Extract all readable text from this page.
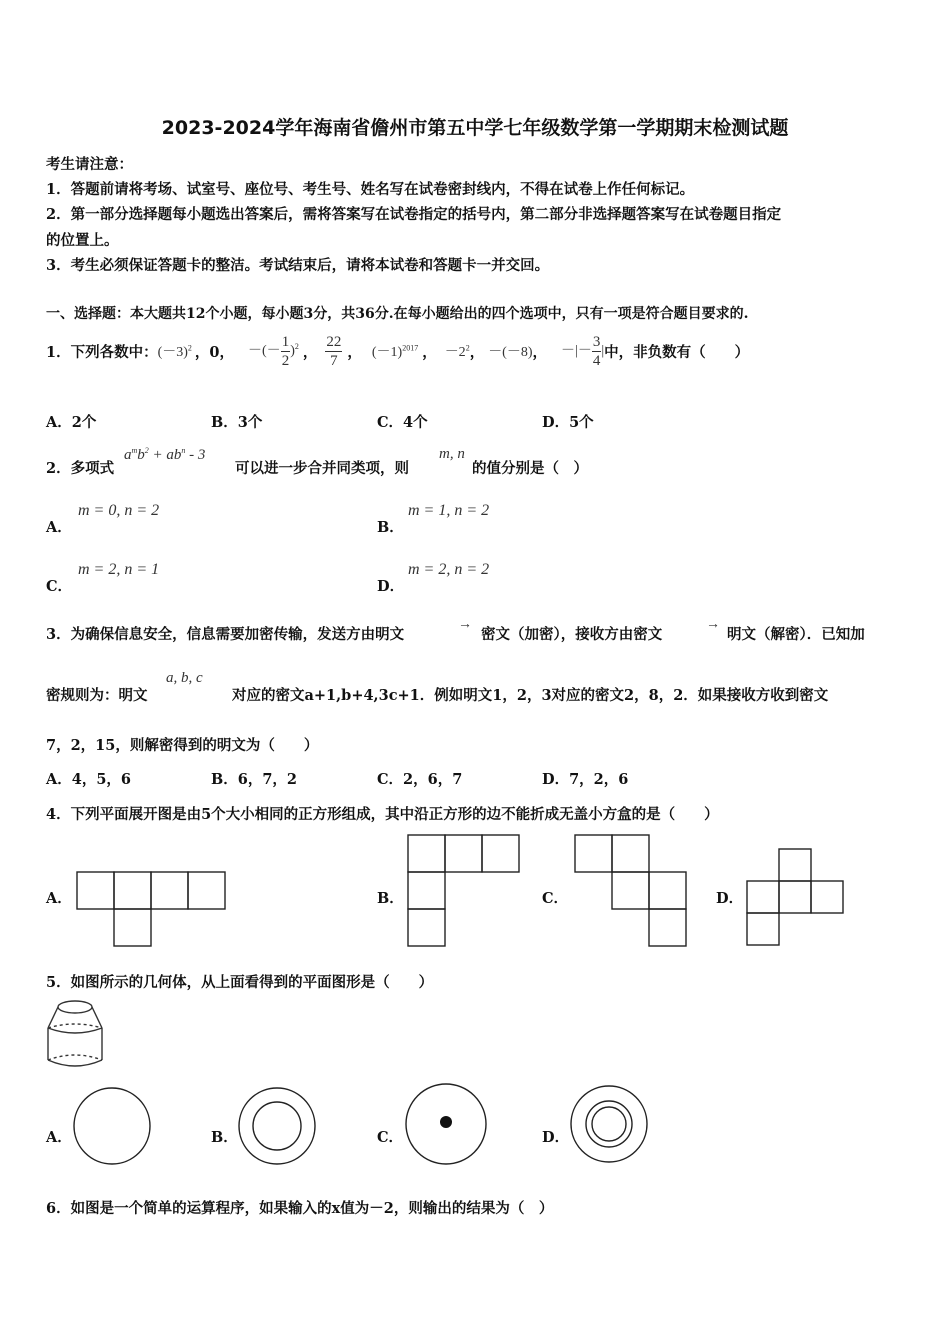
2023-2024学年海南省儋州市第五中学七年级数学第一学期期末检测试题
考生请注意：
1．答题前请将考场、试室号、座位号、考生号、姓名写在试卷密封线内，不得在试卷上作任何标记。
2．第一部分选择题每小题选出答案后，需将答案写在试卷指定的括号内，第二部分非选择题答案写在试卷题目指定
的位置上。
3．考生必须保证答题卡的整洁。考试结束后，请将本试卷和答题卡一并交回。
一、选择题：本大题共12个小题，每小题3分，共36分.在每小题给出的四个选项中，只有一项是符合题目要求的.
1．下列各数中： $(-3)^2$ ，0， －(－ $\frac{1}{2} )^2$ ， $\frac{22}{7}$ ， $(-1)^{2017}$ ， $-2^2$ ， －(－8) ， －|－ $\frac{3}{4}$ | 中，非负数有（　　）
A．2个	B．3个	C．4个	D．5个
2．多项式
$a^mb^2 + ab^n - 3$
可以进一步合并同类项，则
m, n
的值分别是（　）
A．
m = 0, n = 2
B．
m = 1, n = 2
C．
m = 2, n = 1
D．
m = 2, n = 2
3．为确保信息安全，信息需要加密传输，发送方由明文
→
密文（加密），接收方由密文
→
明文（解密）．已知加
密规则为：明文
a, b, c
对应的密文a+1,b+4,3c+1．例如明文1，2，3对应的密文2，8，2．如果接收方收到密文
7，2，15，则解密得到的明文为（　　）
A．4，5，6	B．6，7，2	C．2，6，7	D．7，2，6
4．下列平面展开图是由5个大小相同的正方形组成，其中沿正方形的边不能折成无盖小方盒的是（　　）
A．	B．	C．	D．
5．如图所示的几何体，从上面看得到的平面图形是（　　）
A．	B．	C．	D．
6．如图是一个简单的运算程序，如果输入的x值为－2，则输出的结果为（　）
